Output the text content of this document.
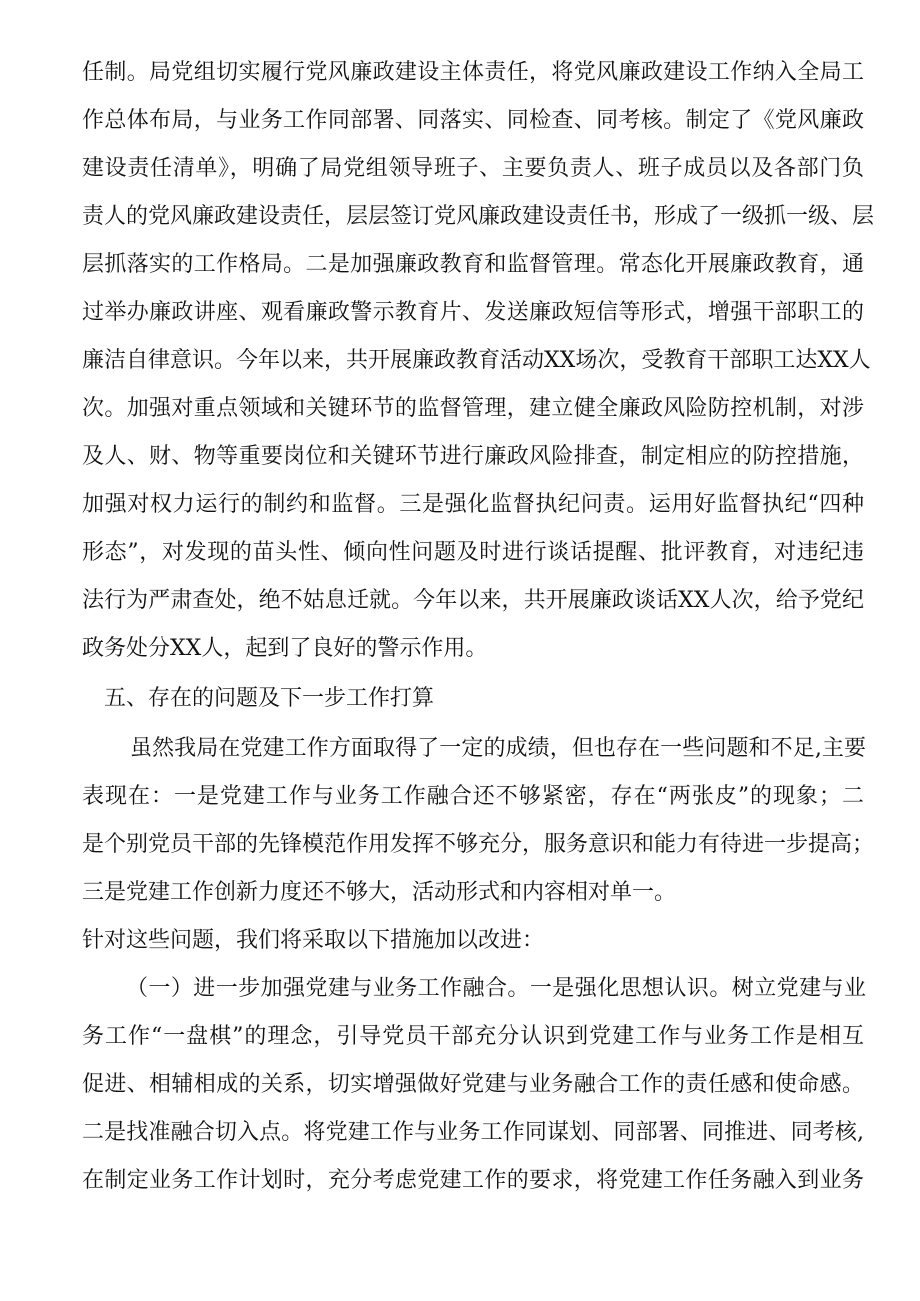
任制。局党组切实履行党风廉政建设主体责任，将党风廉政建设工作纳入全局工
作总体布局，与业务工作同部署、同落实、同检查、同考核。制定了《党风廉政
建设责任清单》，明确了局党组领导班子、主要负责人、班子成员以及各部门负
责人的党风廉政建设责任，层层签订党风廉政建设责任书，形成了一级抓一级、层
层抓落实的工作格局。二是加强廉政教育和监督管理。常态化开展廉政教育，通
过举办廉政讲座、观看廉政警示教育片、发送廉政短信等形式，增强干部职工的
廉洁自律意识。今年以来，共开展廉政教育活动XX场次，受教育干部职工达XX人
次。加强对重点领域和关键环节的监督管理，建立健全廉政风险防控机制，对涉
及人、财、物等重要岗位和关键环节进行廉政风险排查，制定相应的防控措施，
加强对权力运行的制约和监督。三是强化监督执纪问责。运用好监督执纪“四种
形态”，对发现的苗头性、倾向性问题及时进行谈话提醒、批评教育，对违纪违
法行为严肃查处，绝不姑息迁就。今年以来，共开展廉政谈话XX人次，给予党纪
政务处分XX人，起到了良好的警示作用。
五、存在的问题及下一步工作打算
虽然我局在党建工作方面取得了一定的成绩，但也存在一些问题和不足,主要
表现在：一是党建工作与业务工作融合还不够紧密，存在“两张皮”的现象；二
是个别党员干部的先锋模范作用发挥不够充分，服务意识和能力有待进一步提高；
三是党建工作创新力度还不够大，活动形式和内容相对单一。
针对这些问题，我们将采取以下措施加以改进：
（一）进一步加强党建与业务工作融合。一是强化思想认识。树立党建与业
务工作“一盘棋”的理念，引导党员干部充分认识到党建工作与业务工作是相互
促进、相辅相成的关系，切实增强做好党建与业务融合工作的责任感和使命感。
二是找准融合切入点。将党建工作与业务工作同谋划、同部署、同推进、同考核,
在制定业务工作计划时，充分考虑党建工作的要求，将党建工作任务融入到业务
